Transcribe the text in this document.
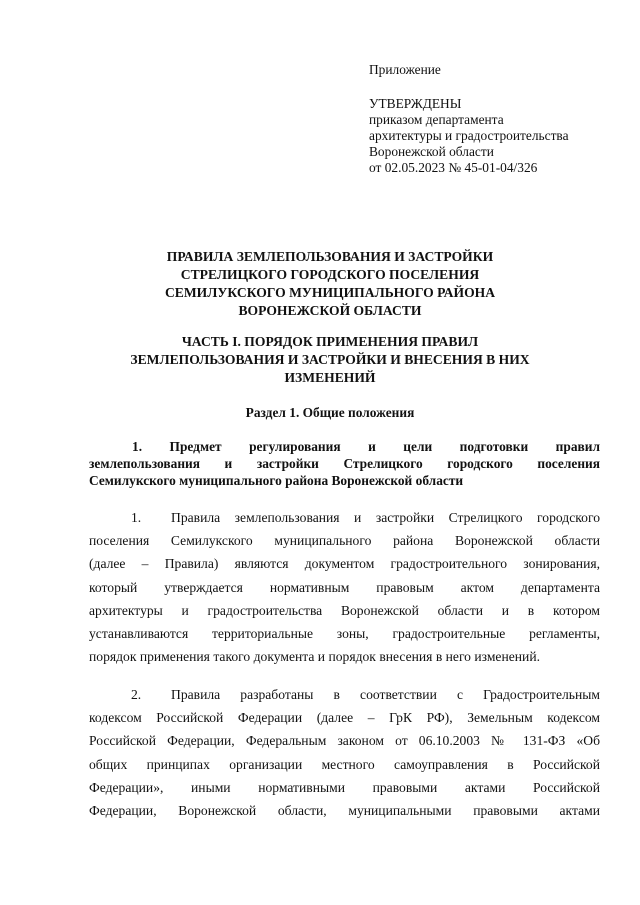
Приложение
УТВЕРЖДЕНЫ
приказом департамента
архитектуры и градостроительства
Воронежской области
от 02.05.2023 № 45-01-04/326
ПРАВИЛА ЗЕМЛЕПОЛЬЗОВАНИЯ И ЗАСТРОЙКИ
СТРЕЛИЦКОГО ГОРОДСКОГО ПОСЕЛЕНИЯ
СЕМИЛУКСКОГО МУНИЦИПАЛЬНОГО РАЙОНА
ВОРОНЕЖСКОЙ ОБЛАСТИ
ЧАСТЬ I. ПОРЯДОК ПРИМЕНЕНИЯ ПРАВИЛ
ЗЕМЛЕПОЛЬЗОВАНИЯ И ЗАСТРОЙКИ И ВНЕСЕНИЯ В НИХ
ИЗМЕНЕНИЙ
Раздел 1. Общие положения
1. Предмет регулирования и цели подготовки правил
землепользования и застройки Стрелицкого городского поселения
Семилукского муниципального района Воронежской области
1. Правила землепользования и застройки Стрелицкого городского
поселения Семилукского муниципального района Воронежской области
(далее – Правила) являются документом градостроительного зонирования,
который утверждается нормативным правовым актом департамента
архитектуры и градостроительства Воронежской области и в котором
устанавливаются территориальные зоны, градостроительные регламенты,
порядок применения такого документа и порядок внесения в него изменений.
2. Правила разработаны в соответствии с Градостроительным
кодексом Российской Федерации (далее – ГрК РФ), Земельным кодексом
Российской Федерации, Федеральным законом от 06.10.2003 № 131-ФЗ «Об
общих принципах организации местного самоуправления в Российской
Федерации», иными нормативными правовыми актами Российской
Федерации, Воронежской области, муниципальными правовыми актами
